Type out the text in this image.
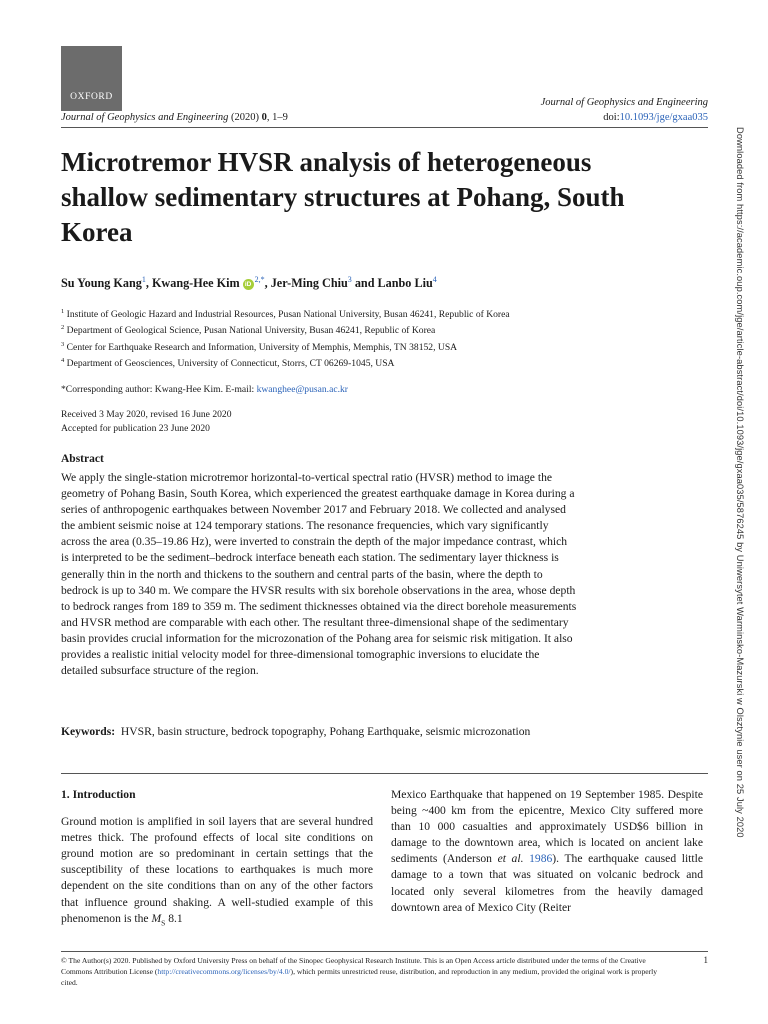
OXFORD	Journal of Geophysics and Engineering
Journal of Geophysics and Engineering (2020) 0, 1–9	doi:10.1093/jge/gxaa035
Microtremor HVSR analysis of heterogeneous shallow sedimentary structures at Pohang, South Korea
Su Young Kang$^1$, Kwang-Hee Kim $iD^{2,*}$, Jer-Ming Chiu$^3$ and Lanbo Liu$^4$
$^1$ Institute of Geologic Hazard and Industrial Resources, Pusan National University, Busan 46241, Republic of Korea
$^2$ Department of Geological Science, Pusan National University, Busan 46241, Republic of Korea
$^3$ Center for Earthquake Research and Information, University of Memphis, Memphis, TN 38152, USA
$^4$ Department of Geosciences, University of Connecticut, Storrs, CT 06269-1045, USA
*Corresponding author: Kwang-Hee Kim. E-mail: kwanghee@pusan.ac.kr
Received 3 May 2020, revised 16 June 2020
Accepted for publication 23 June 2020
Abstract
We apply the single-station microtremor horizontal-to-vertical spectral ratio (HVSR) method to image the geometry of Pohang Basin, South Korea, which experienced the greatest earthquake damage in Korea during a series of anthropogenic earthquakes between November 2017 and February 2018. We collected and analysed the ambient seismic noise at 124 temporary stations. The resonance frequencies, which vary significantly across the area (0.35–19.86 Hz), were inverted to constrain the depth of the major impedance contrast, which is interpreted to be the sediment–bedrock interface beneath each station. The sedimentary layer thickness is generally thin in the north and thickens to the southern and central parts of the basin, where the depth to bedrock is up to 340 m. We compare the HVSR results with six borehole observations in the area, whose depth to bedrock ranges from 189 to 359 m. The sediment thicknesses obtained via the direct borehole measurements and HVSR method are comparable with each other. The resultant three-dimensional shape of the sedimentary basin provides crucial information for the microzonation of the Pohang area for seismic risk mitigation. It also provides a realistic initial velocity model for three-dimensional tomographic inversions to elucidate the detailed subsurface structure of the region.
Keywords: HVSR, basin structure, bedrock topography, Pohang Earthquake, seismic microzonation
1. Introduction

Ground motion is amplified in soil layers that are several hundred metres thick. The profound effects of local site conditions on ground motion are so predominant in certain settings that the susceptibility of these locations to earthquakes is much more dependent on the site conditions than on any of the other factors that influence ground shaking. A well-studied example of this phenomenon is the $M_S$ 8.1

Mexico Earthquake that happened on 19 September 1985. Despite being ~400 km from the epicentre, Mexico City suffered more than 10 000 casualties and approximately USD$6 billion in damage to the downtown area, which is located on ancient lake sediments (Anderson et al. 1986). The earthquake caused little damage to a town that was situated on volcanic bedrock and located only several kilometres from the heavily damaged downtown area of Mexico City (Reiter

© The Author(s) 2020. Published by Oxford University Press on behalf of the Sinopec Geophysical Research Institute. This is an Open Access article distributed under the terms of the Creative Commons Attribution License (http://creativecommons.org/licenses/by/4.0/), which permits unrestricted reuse, distribution, and reproduction in any medium, provided the original work is properly cited.
1
Downloaded from https://academic.oup.com/jge/article-abstract/doi/10.1093/jge/gxaa035/5876245 by Uniwersytet Warminsko-Mazurski w Olsztynie user on 25 July 2020
